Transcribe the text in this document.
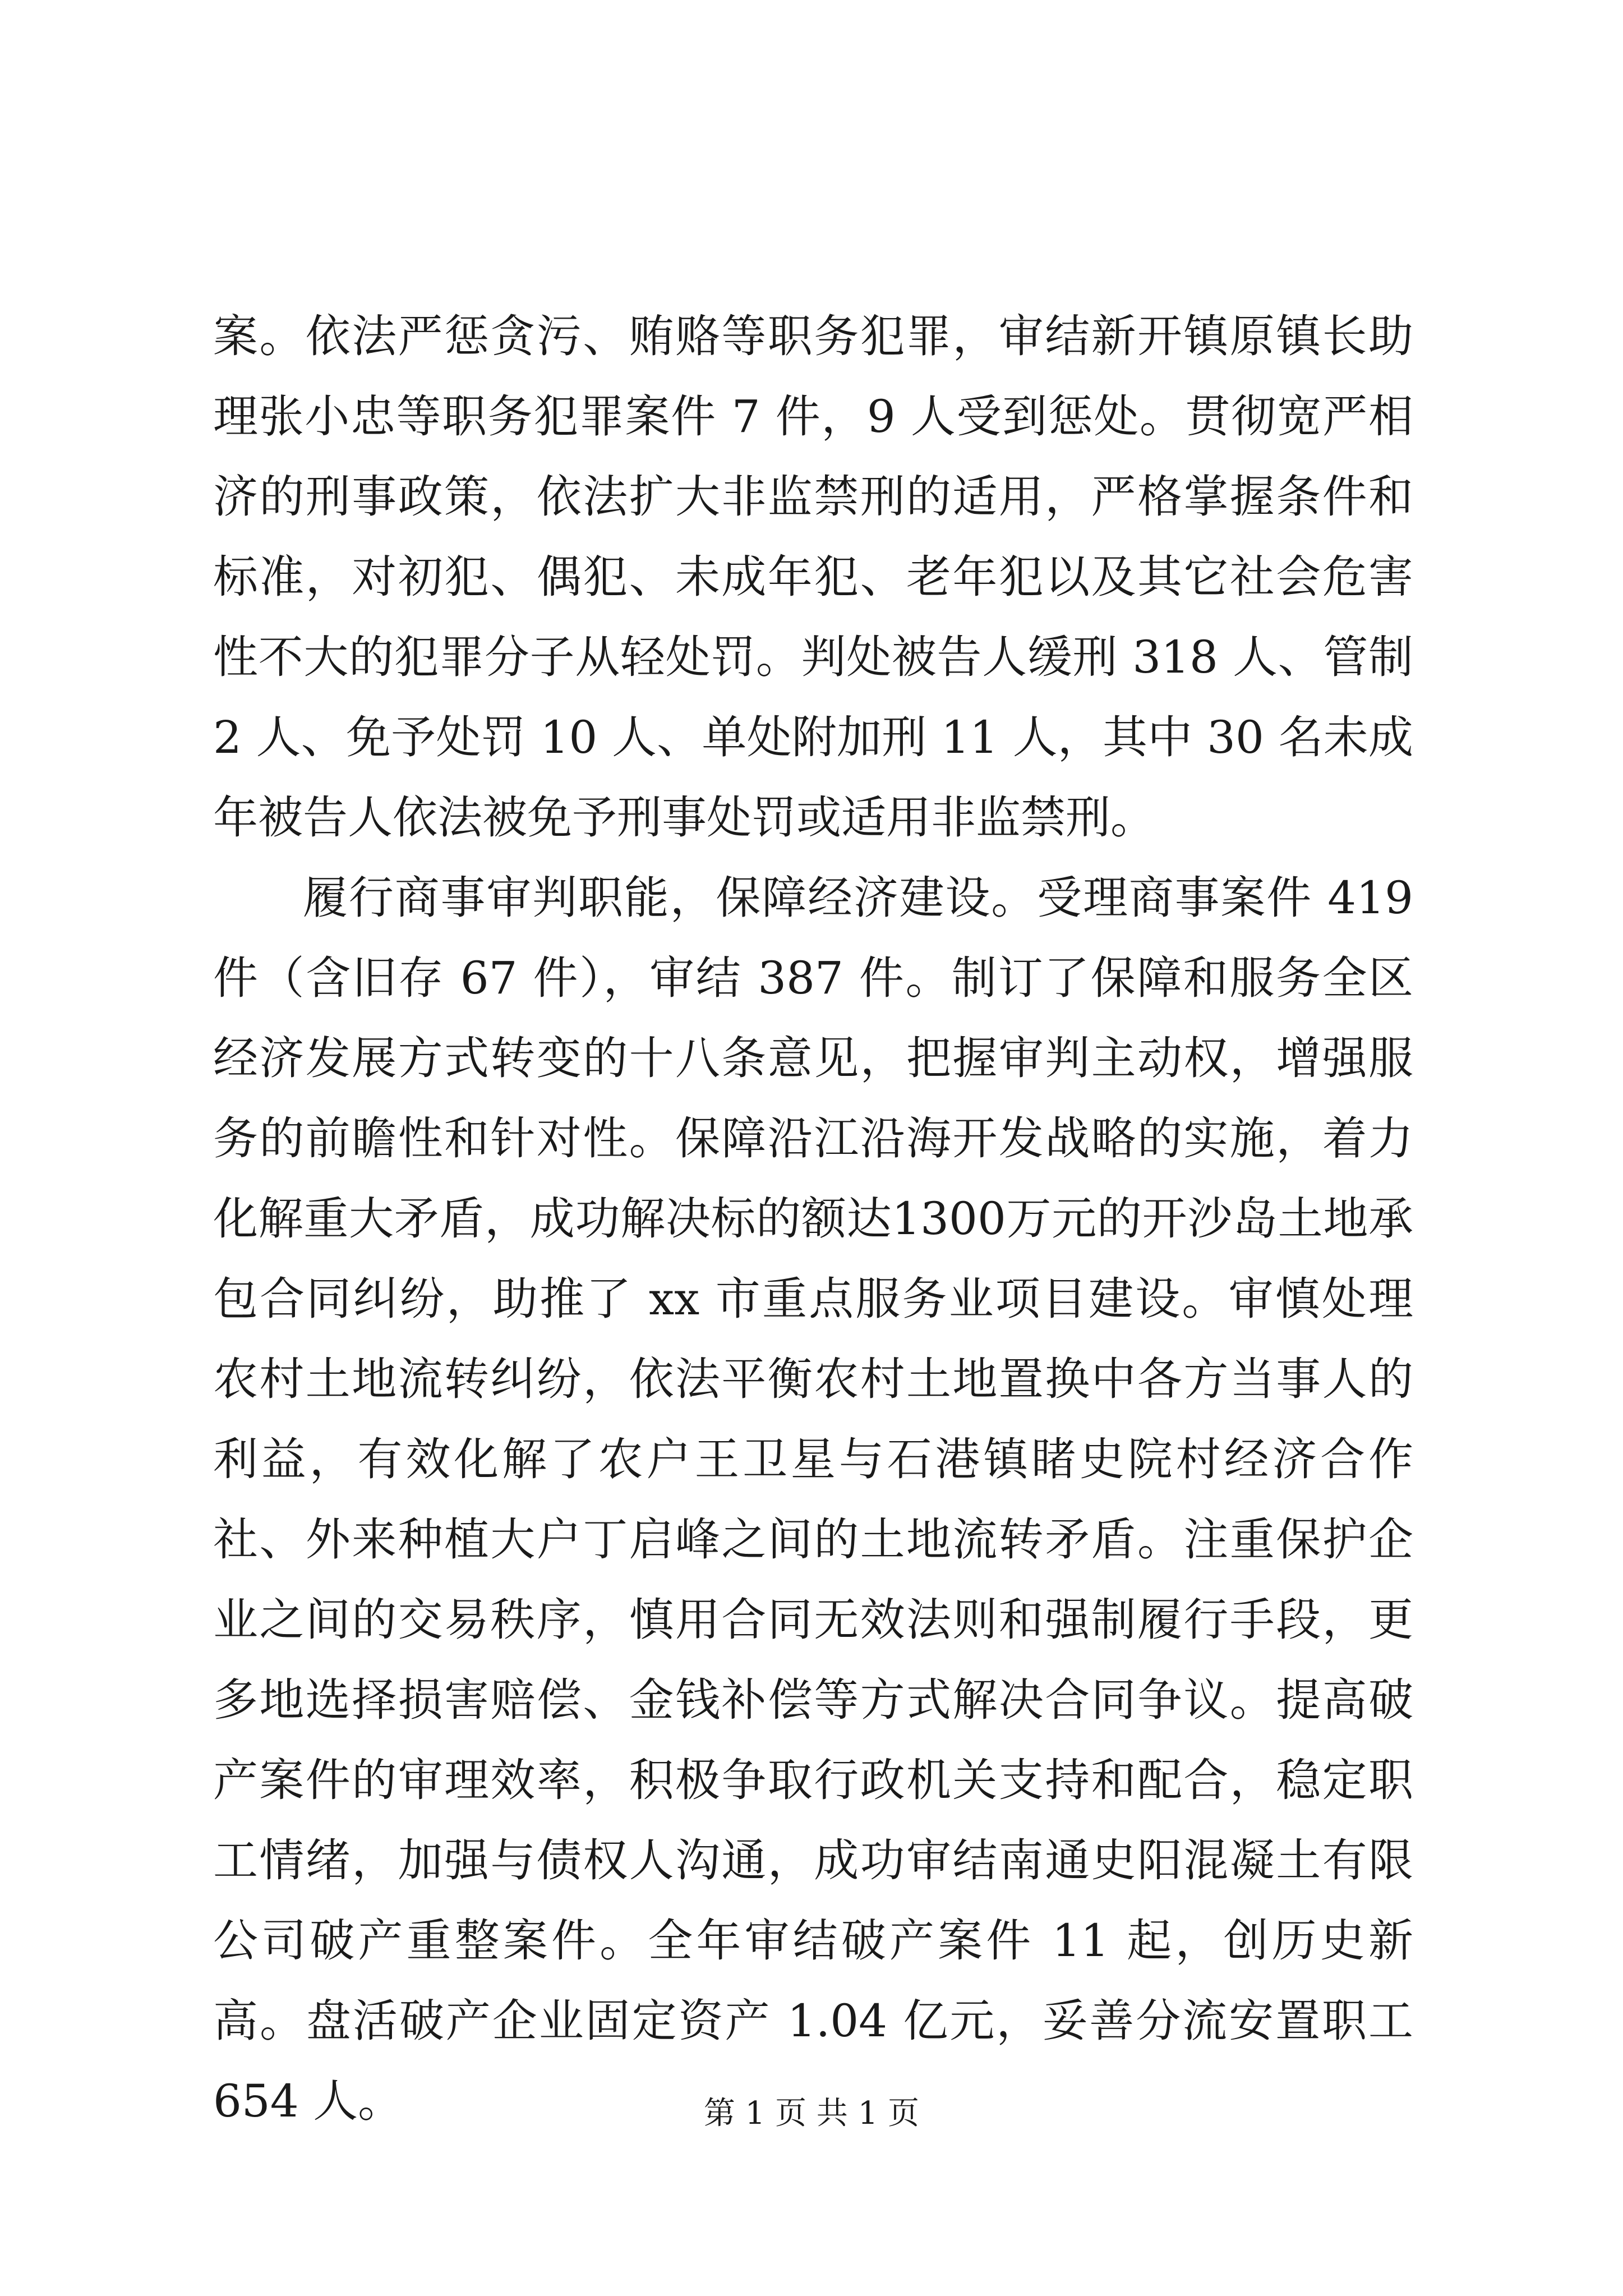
案。依法严惩贪污、贿赂等职务犯罪，审结新开镇原镇长助理张小忠等职务犯罪案件 7 件，9 人受到惩处。贯彻宽严相济的刑事政策，依法扩大非监禁刑的适用，严格掌握条件和标准，对初犯、偶犯、未成年犯、老年犯以及其它社会危害性不大的犯罪分子从轻处罚。判处被告人缓刑 318 人、管制 2 人、免予处罚 10 人、单处附加刑 11 人，其中 30 名未成年被告人依法被免予刑事处罚或适用非监禁刑。

履行商事审判职能，保障经济建设。受理商事案件 419 件（含旧存 67 件），审结 387 件。制订了保障和服务全区经济发展方式转变的十八条意见，把握审判主动权，增强服务的前瞻性和针对性。保障沿江沿海开发战略的实施，着力化解重大矛盾，成功解决标的额达1300万元的开沙岛土地承包合同纠纷，助推了 xx 市重点服务业项目建设。审慎处理农村土地流转纠纷，依法平衡农村土地置换中各方当事人的利益，有效化解了农户王卫星与石港镇睹史院村经济合作社、外来种植大户丁启峰之间的土地流转矛盾。注重保护企业之间的交易秩序，慎用合同无效法则和强制履行手段，更多地选择损害赔偿、金钱补偿等方式解决合同争议。提高破产案件的审理效率，积极争取行政机关支持和配合，稳定职工情绪，加强与债权人沟通，成功审结南通史阳混凝土有限公司破产重整案件。全年审结破产案件 11 起，创历史新高。盘活破产企业固定资产 1.04 亿元，妥善分流安置职工 654 人。	第 1 页 共 1 页
